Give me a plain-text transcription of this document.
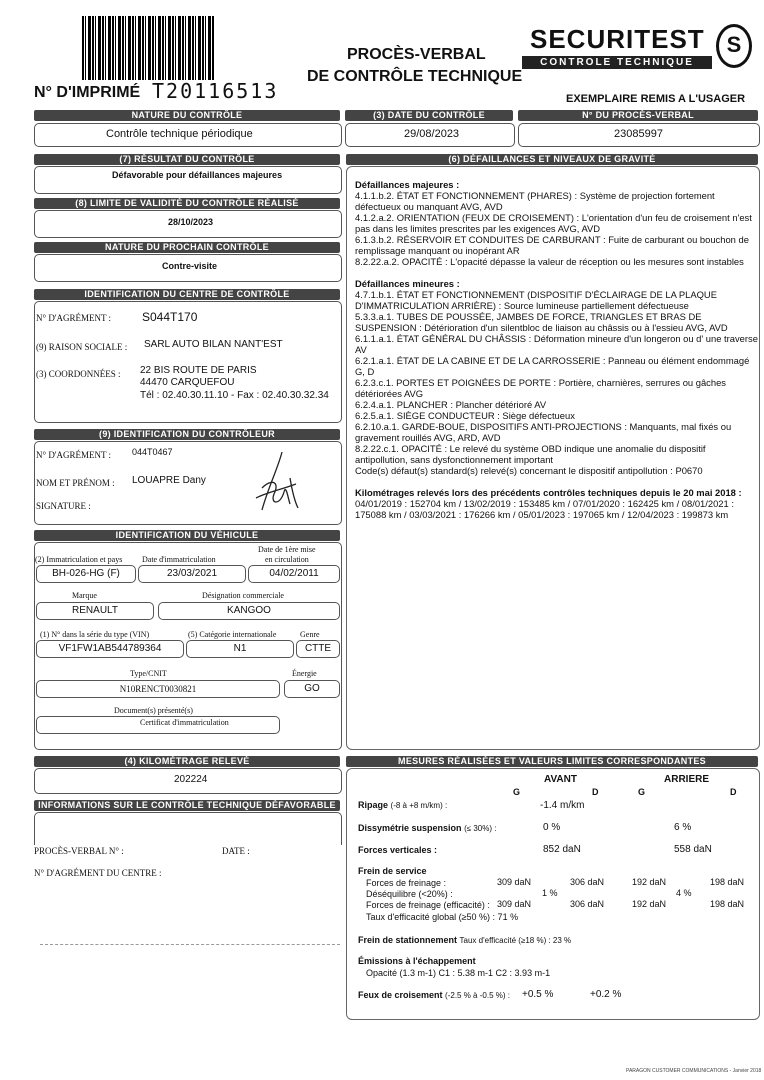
N° D'IMPRIMÉ T20116513
PROCÈS-VERBAL
DE CONTRÔLE TECHNIQUE
SECURITEST S
CONTROLE TECHNIQUE
EXEMPLAIRE REMIS A L'USAGER
NATURE DU CONTRÔLE
Contrôle technique périodique
(3) DATE DU CONTRÔLE
29/08/2023
N° DU PROCÈS-VERBAL
23085997
(7) RÉSULTAT DU CONTRÔLE
Défavorable pour défaillances majeures
(8) LIMITE DE VALIDITÉ DU CONTRÔLE RÉALISÉ
28/10/2023
NATURE DU PROCHAIN CONTRÔLE
Contre-visite
IDENTIFICATION DU CENTRE DE CONTRÔLE
N° D'AGRÉMENT :	S044T170
(9) RAISON SOCIALE : SARL AUTO BILAN NANT'EST
(3) COORDONNÉES : 22 BIS ROUTE DE PARIS
44470 CARQUEFOU
Tél : 02.40.30.11.10 - Fax : 02.40.30.32.34
(9) IDENTIFICATION DU CONTRÔLEUR
N° D'AGRÉMENT : 044T0467
NOM ET PRÉNOM : LOUAPRE Dany
SIGNATURE :
IDENTIFICATION DU VÉHICULE
(2) Immatriculation et pays Date d'immatriculation
Date de 1ère mise
en circulation
BH-026-HG (F)	23/03/2021	04/02/2011
Marque	Désignation commerciale
RENAULT	KANGOO
(1) N° dans la série du type (VIN)	(5) Catégorie internationale	Genre
VF1FW1AB544789364	N1	CTTE
Type/CNIT	Énergie
N10RENCT0030821	GO
Document(s) présenté(s)
Certificat d'immatriculation
(4) KILOMÉTRAGE RELEVÉ
202224
INFORMATIONS SUR LE CONTRÔLE TECHNIQUE DÉFAVORABLE
PROCÈS-VERBAL N° :	DATE :
N° D'AGRÉMENT DU CENTRE :
(6) DÉFAILLANCES ET NIVEAUX DE GRAVITÉ
Défaillances majeures :
4.1.1.b.2. ÉTAT ET FONCTIONNEMENT (PHARES) : Système de projection fortement défectueux ou manquant AVG, AVD
4.1.2.a.2. ORIENTATION (FEUX DE CROISEMENT) : L'orientation d'un feu de croisement n'est pas dans les limites prescrites par les exigences AVG, AVD
6.1.3.b.2. RÉSERVOIR ET CONDUITES DE CARBURANT : Fuite de carburant ou bouchon de remplissage manquant ou inopérant AR
8.2.22.a.2. OPACITÉ : L'opacité dépasse la valeur de réception ou les mesures sont instables
Défaillances mineures :
4.7.1.b.1. ÉTAT ET FONCTIONNEMENT (DISPOSITIF D'ÉCLAIRAGE DE LA PLAQUE D'IMMATRICULATION ARRIÈRE) : Source lumineuse partiellement défectueuse
5.3.3.a.1. TUBES DE POUSSÉE, JAMBES DE FORCE, TRIANGLES ET BRAS DE SUSPENSION : Détérioration d'un silentbloc de liaison au châssis ou à l'essieu AVG, AVD
6.1.1.a.1. ÉTAT GÉNÉRAL DU CHÂSSIS : Déformation mineure d'un longeron ou d' une traverse AV
6.2.1.a.1. ÉTAT DE LA CABINE ET DE LA CARROSSERIE : Panneau ou élément endommagé G, D
6.2.3.c.1. PORTES ET POIGNÉES DE PORTE : Portière, charnières, serrures ou gâches détériorées AVG
6.2.4.a.1. PLANCHER : Plancher détérioré AV
6.2.5.a.1. SIÈGE CONDUCTEUR : Siège défectueux
6.2.10.a.1. GARDE-BOUE, DISPOSITIFS ANTI-PROJECTIONS : Manquants, mal fixés ou gravement rouillés AVG, ARD, AVD
8.2.22.c.1. OPACITÉ : Le relevé du système OBD indique une anomalie du dispositif antipollution, sans dysfonctionnement important
Code(s) défaut(s) standard(s) relevé(s) concernant le dispositif antipollution : P0670
Kilométrages relevés lors des précédents contrôles techniques depuis le 20 mai 2018 : 04/01/2019 : 152704 km / 13/02/2019 : 153485 km / 07/01/2020 : 162425 km / 08/01/2021 : 175088 km / 03/03/2021 : 176266 km / 05/01/2023 : 197065 km / 12/04/2023 : 199873 km
MESURES RÉALISÉES ET VALEURS LIMITES CORRESPONDANTES
AVANT	ARRIERE
G	D	G	D
Ripage (-8 à +8 m/km) :	-1.4 m/km
Dissymétrie suspension (≤ 30%) :	0 %	6 %
Forces verticales :	852 daN	558 daN
Frein de service
Forces de freinage :	309 daN	306 daN	192 daN	198 daN
Déséquilibre (<20%) :	1 %	4 %
Forces de freinage (efficacité) : 309 daN	306 daN	192 daN	198 daN
Taux d'efficacité global (≥50 %) : 71 %
Frein de stationnement Taux d'efficacité (≥18 %) : 23 %
Émissions à l'échappement
Opacité (1.3 m-1) C1 : 5.38 m-1 C2 : 3.93 m-1
Feux de croisement (-2.5 % à -0.5 %) : +0.5 %	+0.2 %
PARAGON CUSTOMER COMMUNICATIONS - Janvier 2018
